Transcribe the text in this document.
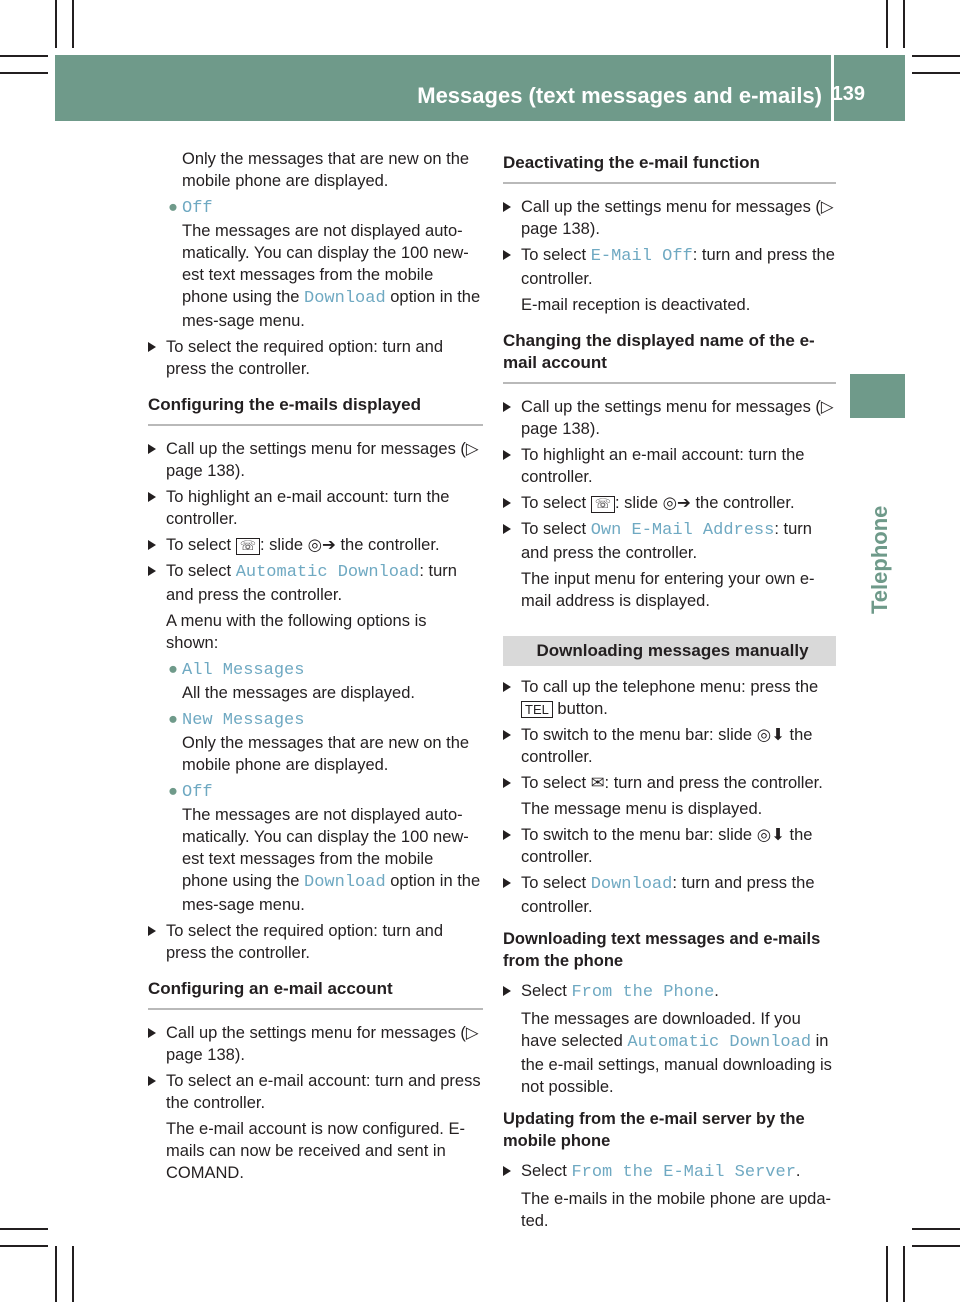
Messages (text messages and e-mails) 139
Telephone

Only the messages that are new on the mobile phone are displayed.

● Off

The messages are not displayed auto-matically. You can display the 100 new-est text messages from the mobile phone using the Download option in the mes-sage menu.

To select the required option: turn and press the controller.
Configuring the e-mails displayed
Call up the settings menu for messages (▷ page 138).
To highlight an e-mail account: turn the controller.
To select ☏ : slide ◎➔ the controller.
To select Automatic Download: turn and press the controller.

A menu with the following options is shown:

● All Messages

All the messages are displayed.

● New Messages

Only the messages that are new on the mobile phone are displayed.

● Off

The messages are not displayed auto-matically. You can display the 100 new-est text messages from the mobile phone using the Download option in the mes-sage menu.

To select the required option: turn and press the controller.
Configuring an e-mail account
Call up the settings menu for messages (▷ page 138).
To select an e-mail account: turn and press the controller.

The e-mail account is now configured. E-mails can now be received and sent in COMAND.

Deactivating the e-mail function
Call up the settings menu for messages (▷ page 138).
To select E-Mail Off: turn and press the controller.

E-mail reception is deactivated.

Changing the displayed name of the e-mail account
Call up the settings menu for messages (▷ page 138).
To highlight an e-mail account: turn the controller.
To select ☏ : slide ◎➔ the controller.
To select Own E-Mail Address: turn and press the controller.

The input menu for entering your own e-mail address is displayed.

Downloading messages manually
To call up the telephone menu: press the TEL button.
To switch to the menu bar: slide ◎⬇ the controller.
To select ✉: turn and press the controller.

The message menu is displayed.

To switch to the menu bar: slide ◎⬇ the controller.
To select Download: turn and press the controller.
Downloading text messages and e-mails from the phone
Select From the Phone.

The messages are downloaded. If you have selected Automatic Download in the e-mail settings, manual downloading is not possible.

Updating from the e-mail server by the mobile phone
Select From the E-Mail Server.

The e-mails in the mobile phone are upda-ted.
